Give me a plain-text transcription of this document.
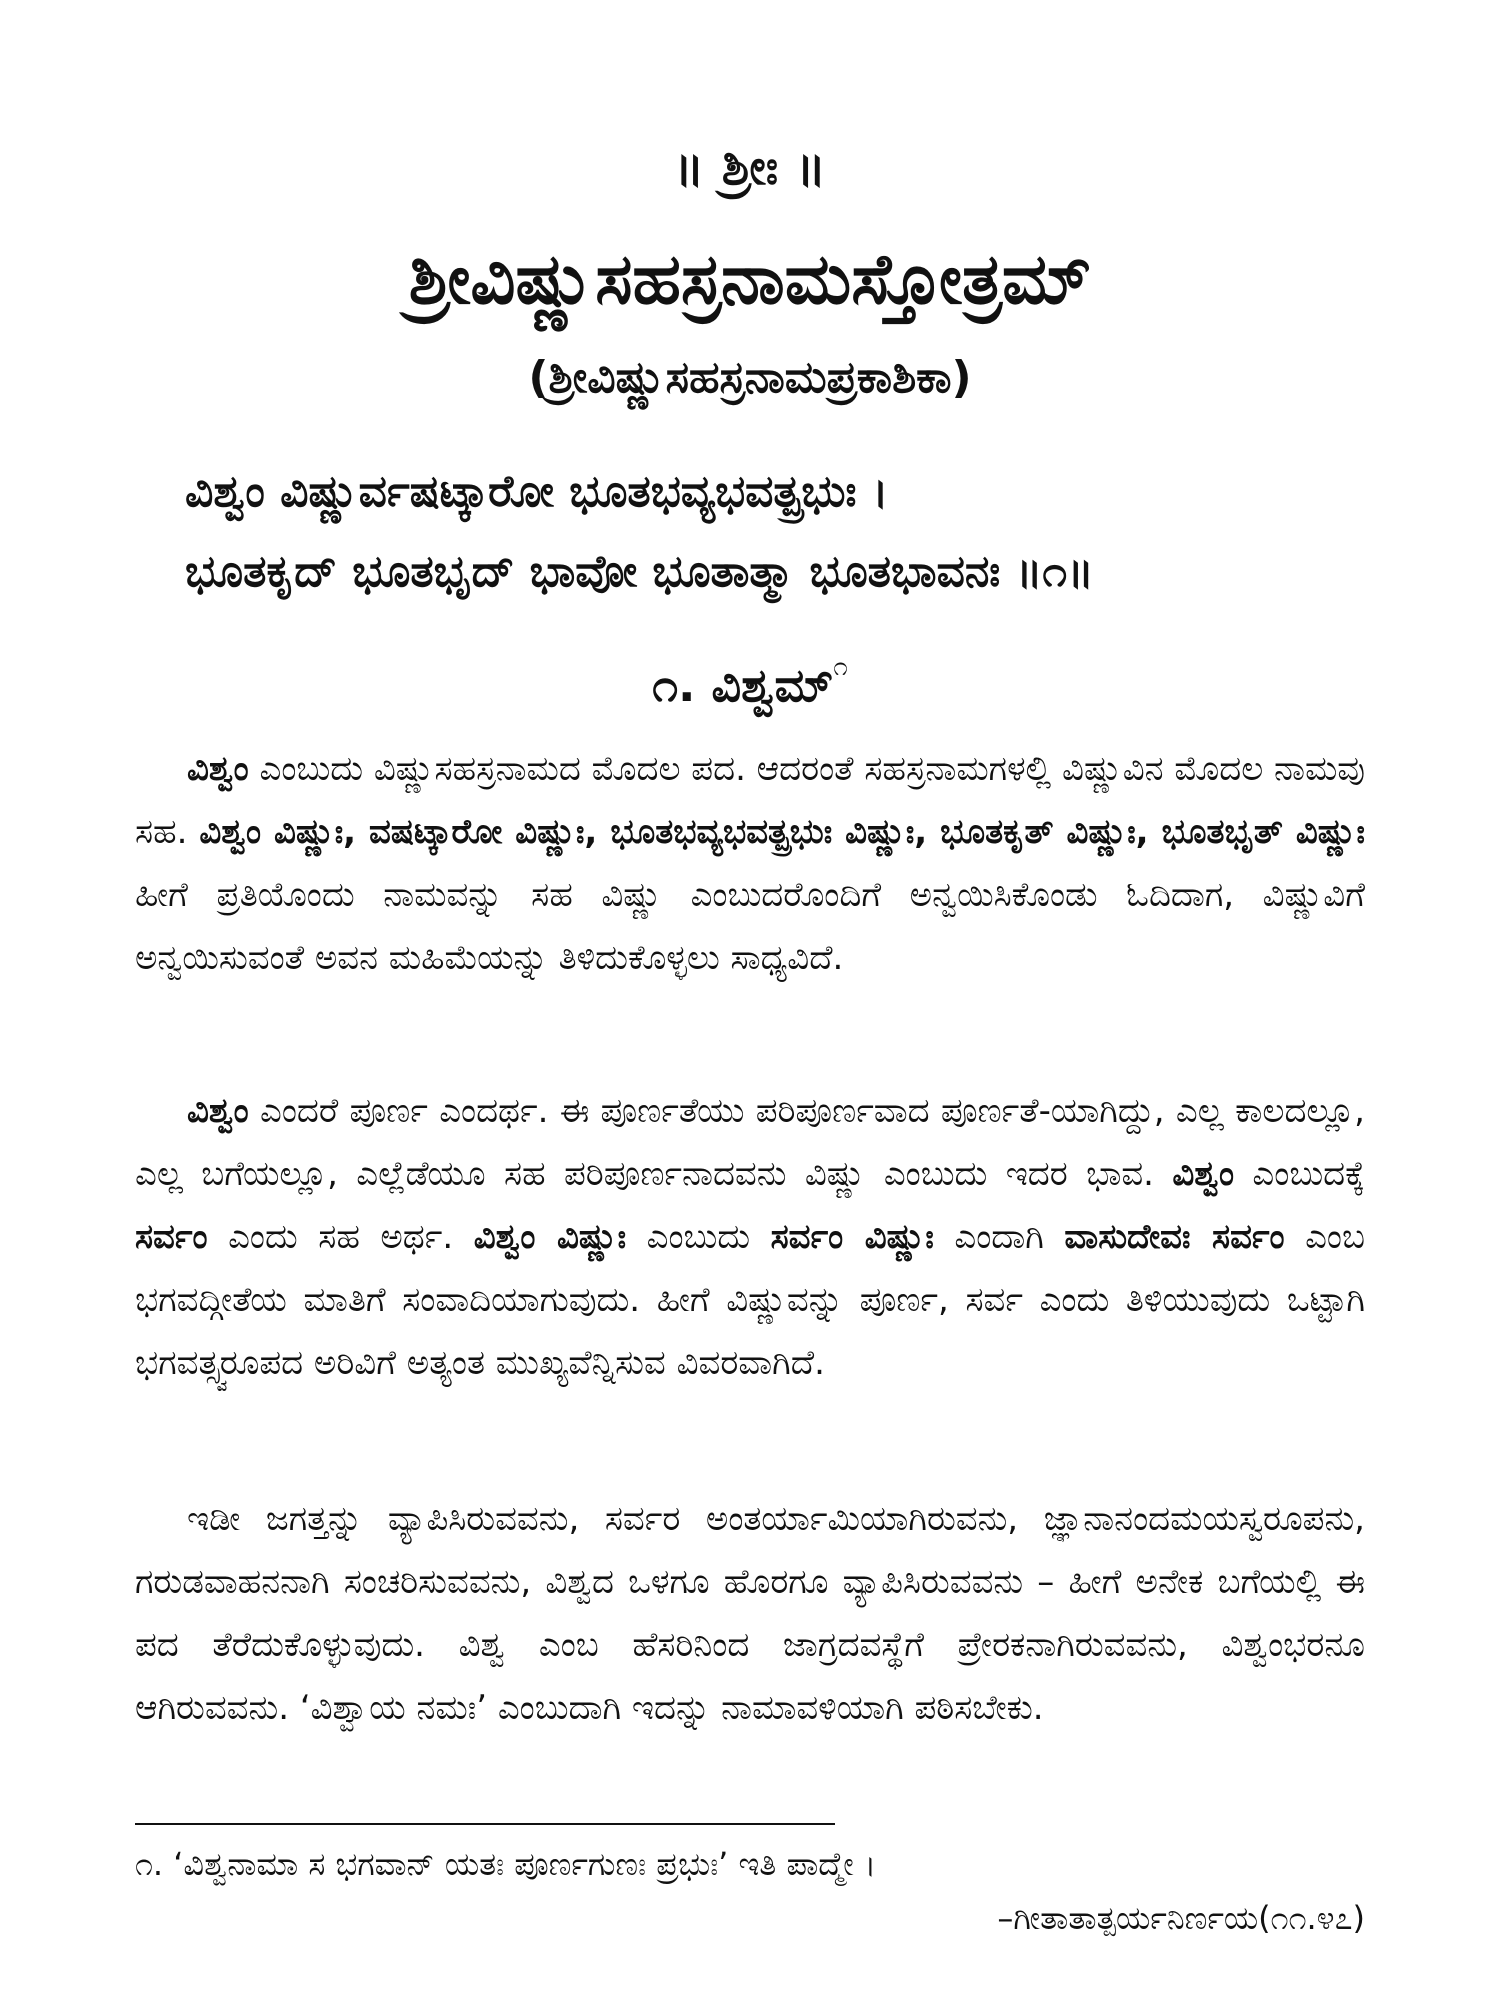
॥ ಶ್ರೀಃ ॥
ಶ್ರೀವಿಷ್ಣುಸಹಸ್ರನಾಮಸ್ತೋತ್ರಮ್
(ಶ್ರೀವಿಷ್ಣುಸಹಸ್ರನಾಮಪ್ರಕಾಶಿಕಾ)
ವಿಶ್ವಂ ವಿಷ್ಣುರ್ವಷಟ್ಕಾರೋ ಭೂತಭವ್ಯಭವತ್ಪ್ರಭುಃ ।
ಭೂತಕೃದ್ ಭೂತಭೃದ್ ಭಾವೋ ಭೂತಾತ್ಮಾ ಭೂತಭಾವನಃ ॥೧॥
೧. ವಿಶ್ವಮ್$^೧$

ವಿಶ್ವಂ ಎಂಬುದು ವಿಷ್ಣುಸಹಸ್ರನಾಮದ ಮೊದಲ ಪದ. ಆದರಂತೆ ಸಹಸ್ರನಾಮಗಳಲ್ಲಿ ವಿಷ್ಣುವಿನ ಮೊದಲ ನಾಮವು ಸಹ. ವಿಶ್ವಂ ವಿಷ್ಣುಃ, ವಷಟ್ಕಾರೋ ವಿಷ್ಣುಃ, ಭೂತಭವ್ಯಭವತ್ಪ್ರಭುಃ ವಿಷ್ಣುಃ, ಭೂತಕೃತ್ ವಿಷ್ಣುಃ, ಭೂತಭೃತ್ ವಿಷ್ಣುಃ ಹೀಗೆ ಪ್ರತಿಯೊಂದು ನಾಮವನ್ನು ಸಹ ವಿಷ್ಣು ಎಂಬುದರೊಂದಿಗೆ ಅನ್ವಯಿಸಿಕೊಂಡು ಓದಿದಾಗ, ವಿಷ್ಣುವಿಗೆ ಅನ್ವಯಿಸುವಂತೆ ಅವನ ಮಹಿಮೆಯನ್ನು ತಿಳಿದುಕೊಳ್ಳಲು ಸಾಧ್ಯವಿದೆ.

ವಿಶ್ವಂ ಎಂದರೆ ಪೂರ್ಣ ಎಂದರ್ಥ. ಈ ಪೂರ್ಣತೆಯು ಪರಿಪೂರ್ಣವಾದ ಪೂರ್ಣತೆ-ಯಾಗಿದ್ದು, ಎಲ್ಲ ಕಾಲದಲ್ಲೂ, ಎಲ್ಲ ಬಗೆಯಲ್ಲೂ, ಎಲ್ಲೆಡೆಯೂ ಸಹ ಪರಿಪೂರ್ಣನಾದವನು ವಿಷ್ಣು ಎಂಬುದು ಇದರ ಭಾವ. ವಿಶ್ವಂ ಎಂಬುದಕ್ಕೆ ಸರ್ವಂ ಎಂದು ಸಹ ಅರ್ಥ. ವಿಶ್ವಂ ವಿಷ್ಣುಃ ಎಂಬುದು ಸರ್ವಂ ವಿಷ್ಣುಃ ಎಂದಾಗಿ ವಾಸುದೇವಃ ಸರ್ವಂ ಎಂಬ ಭಗವದ್ಗೀತೆಯ ಮಾತಿಗೆ ಸಂವಾದಿಯಾಗುವುದು. ಹೀಗೆ ವಿಷ್ಣುವನ್ನು ಪೂರ್ಣ, ಸರ್ವ ಎಂದು ತಿಳಿಯುವುದು ಒಟ್ಟಾಗಿ ಭಗವತ್ಸ್ವರೂಪದ ಅರಿವಿಗೆ ಅತ್ಯಂತ ಮುಖ್ಯವೆನ್ನಿಸುವ ವಿವರವಾಗಿದೆ.

ಇಡೀ ಜಗತ್ತನ್ನು ವ್ಯಾಪಿಸಿರುವವನು, ಸರ್ವರ ಅಂತರ್ಯಾಮಿಯಾಗಿರುವನು, ಜ್ಞಾನಾನಂದಮಯಸ್ವರೂಪನು, ಗರುಡವಾಹನನಾಗಿ ಸಂಚರಿಸುವವನು, ವಿಶ್ವದ ಒಳಗೂ ಹೊರಗೂ ವ್ಯಾಪಿಸಿರುವವನು – ಹೀಗೆ ಅನೇಕ ಬಗೆಯಲ್ಲಿ ಈ ಪದ ತೆರೆದುಕೊಳ್ಳುವುದು. ವಿಶ್ವ ಎಂಬ ಹೆಸರಿನಿಂದ ಜಾಗ್ರದವಸ್ಥೆಗೆ ಪ್ರೇರಕನಾಗಿರುವವನು, ವಿಶ್ವಂಭರನೂ ಆಗಿರುವವನು. ‘ವಿಶ್ವಾಯ ನಮಃ’ ಎಂಬುದಾಗಿ ಇದನ್ನು ನಾಮಾವಳಿಯಾಗಿ ಪಠಿಸಬೇಕು.

೧. ‘ವಿಶ್ವನಾಮಾ ಸ ಭಗವಾನ್ ಯತಃ ಪೂರ್ಣಗುಣಃ ಪ್ರಭುಃ’ ಇತಿ ಪಾದ್ಮೇ ।
–ಗೀತಾತಾತ್ಪರ್ಯನಿರ್ಣಯ(೧೧.೪೭)
